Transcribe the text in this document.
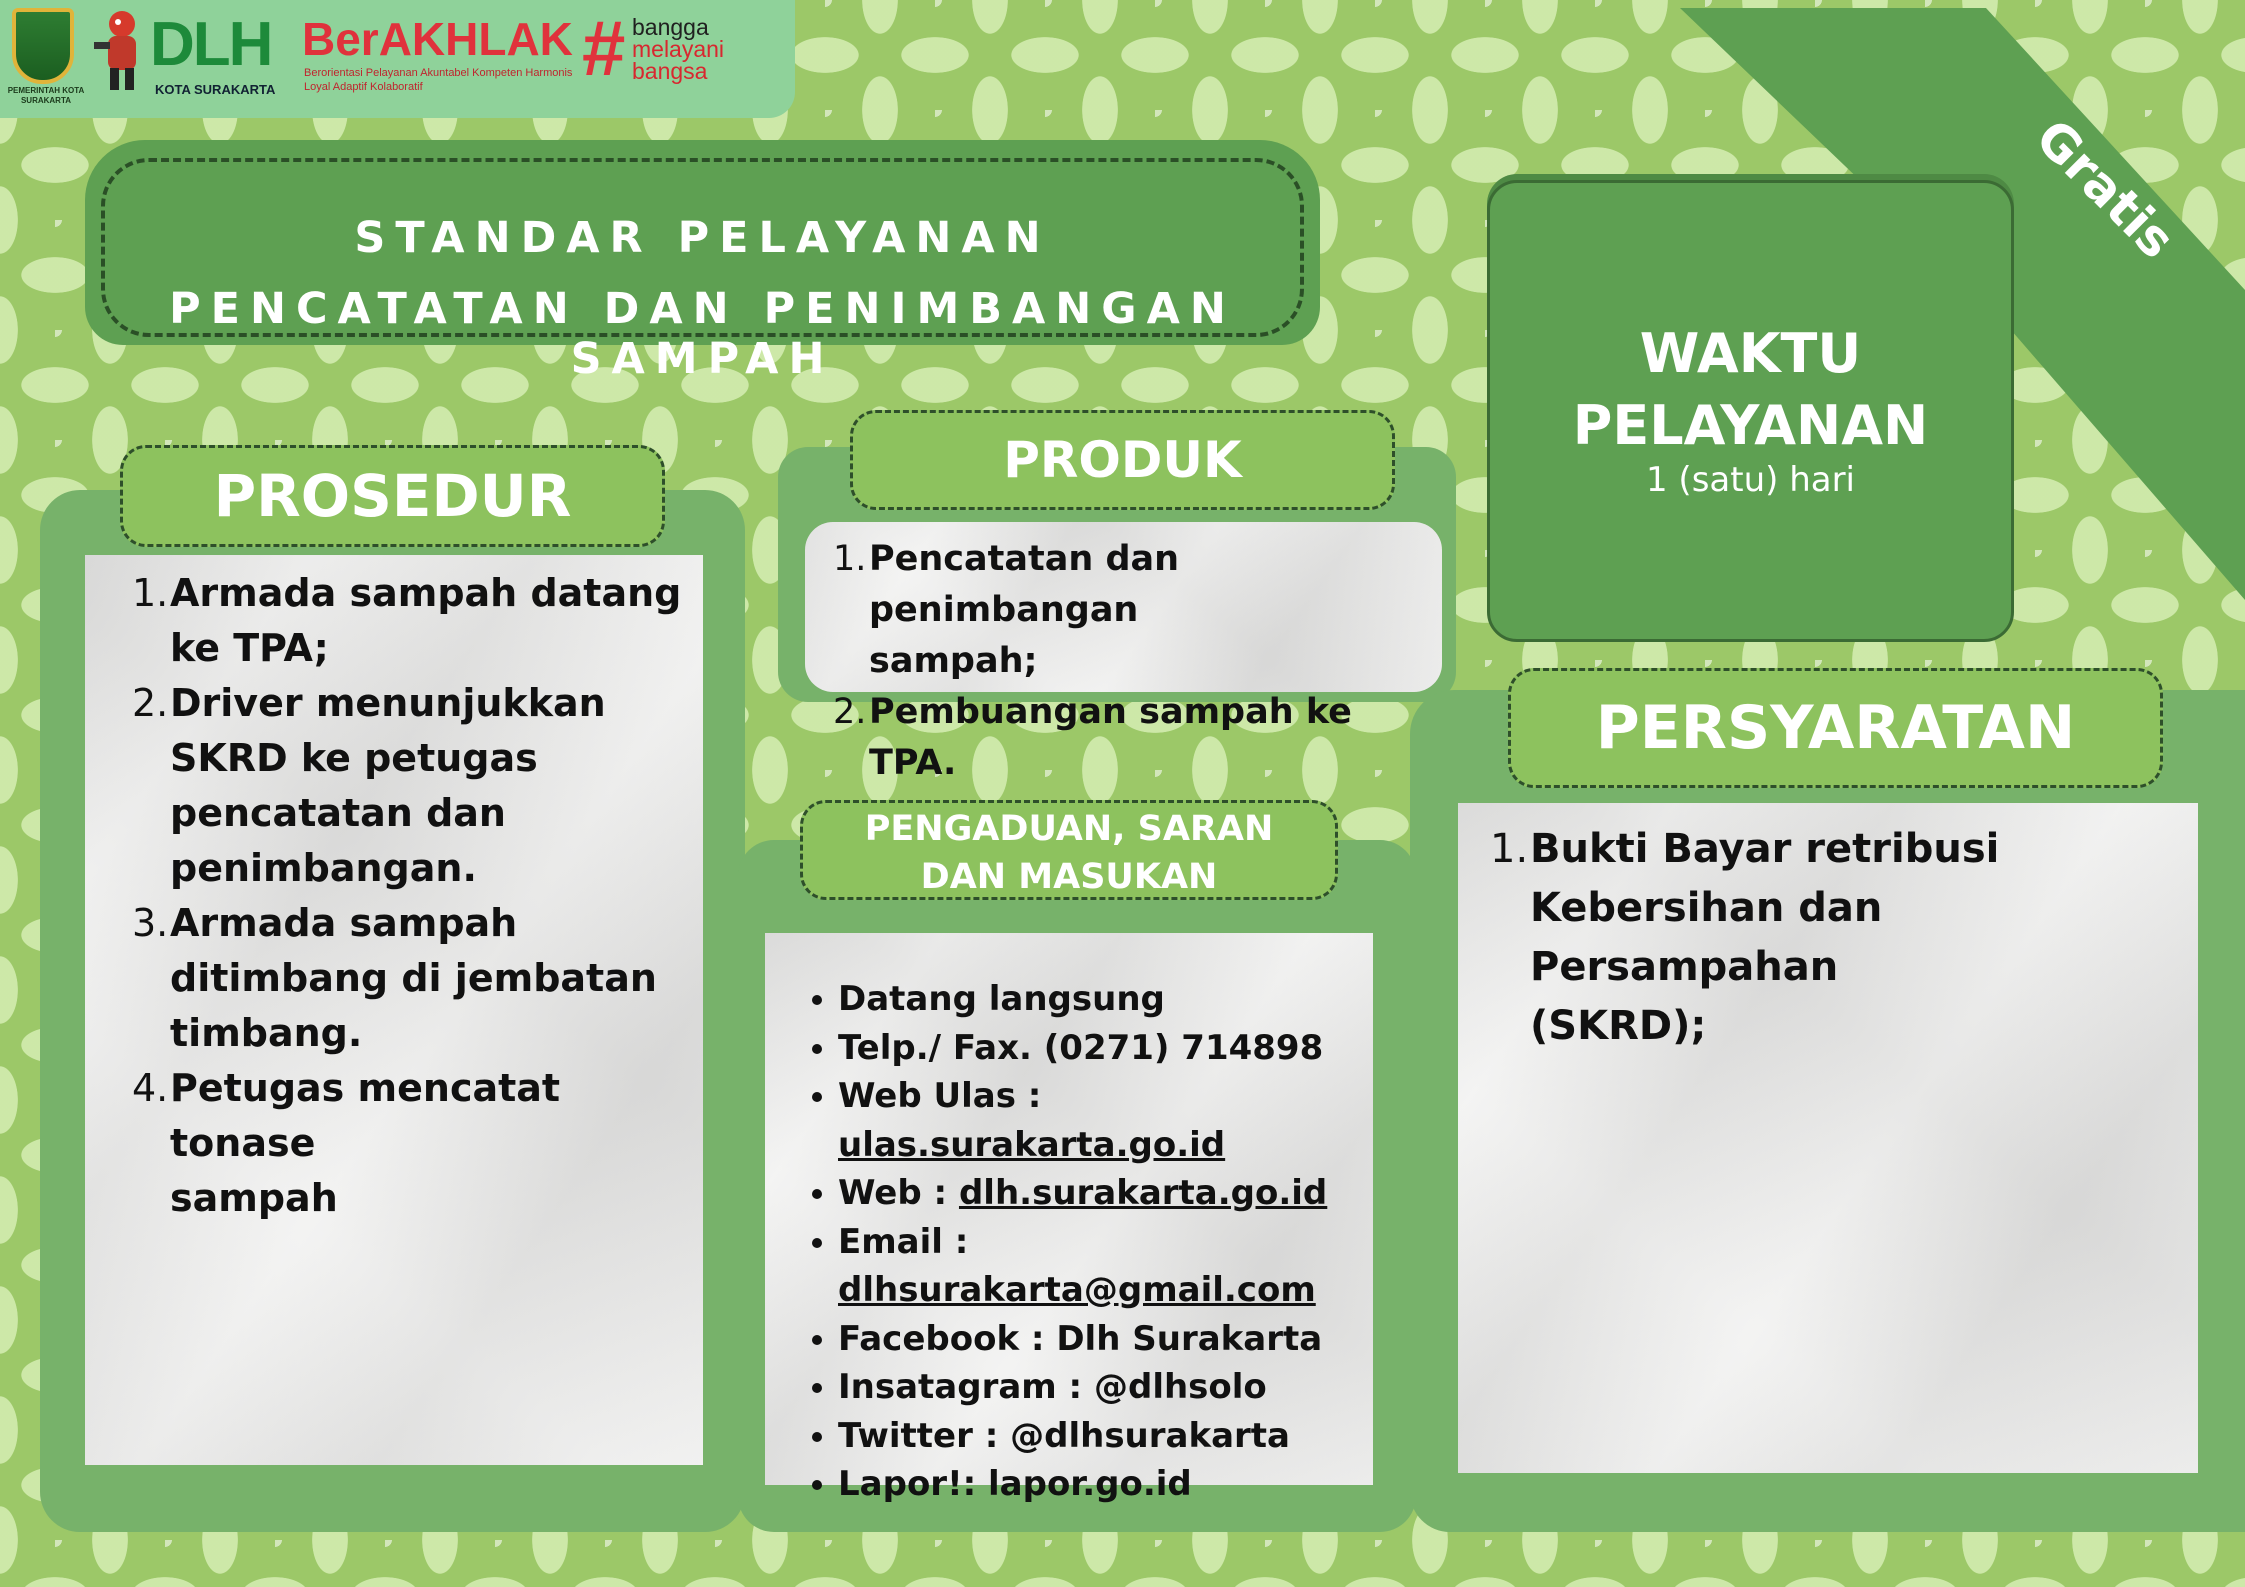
PEMERINTAH KOTA SURAKARTA
DLH
KOTA SURAKARTA
BerAKHLAK
Berorientasi Pelayanan Akuntabel Kompeten Harmonis Loyal Adaptif Kolaboratif	# bangga
melayani
bangsa
STANDAR PELAYANAN
PENCATATAN DAN PENIMBANGAN SAMPAH
Gratis
WAKTU
PELAYANAN
1 (satu) hari
PROSEDUR
1. Armada sampah datang
ke TPA;
2. Driver menunjukkan
SKRD ke petugas
pencatatan dan
penimbangan.
3. Armada sampah
ditimbang di jembatan
timbang.
4. Petugas mencatat tonase
sampah
PRODUK
1. Pencatatan dan penimbangan
sampah;
2. Pembuangan sampah ke TPA.
PENGADUAN, SARAN
DAN MASUKAN
Datang langsung
Telp./ Fax. (0271) 714898
Web Ulas : ulas.surakarta.go.id
Web : dlh.surakarta.go.id
Email :
dlhsurakarta@gmail.com
Facebook : Dlh Surakarta
Insatagram : @dlhsolo
Twitter : @dlhsurakarta
Lapor!: lapor.go.id
PERSYARATAN
1. Bukti Bayar retribusi
Kebersihan dan Persampahan
(SKRD);
